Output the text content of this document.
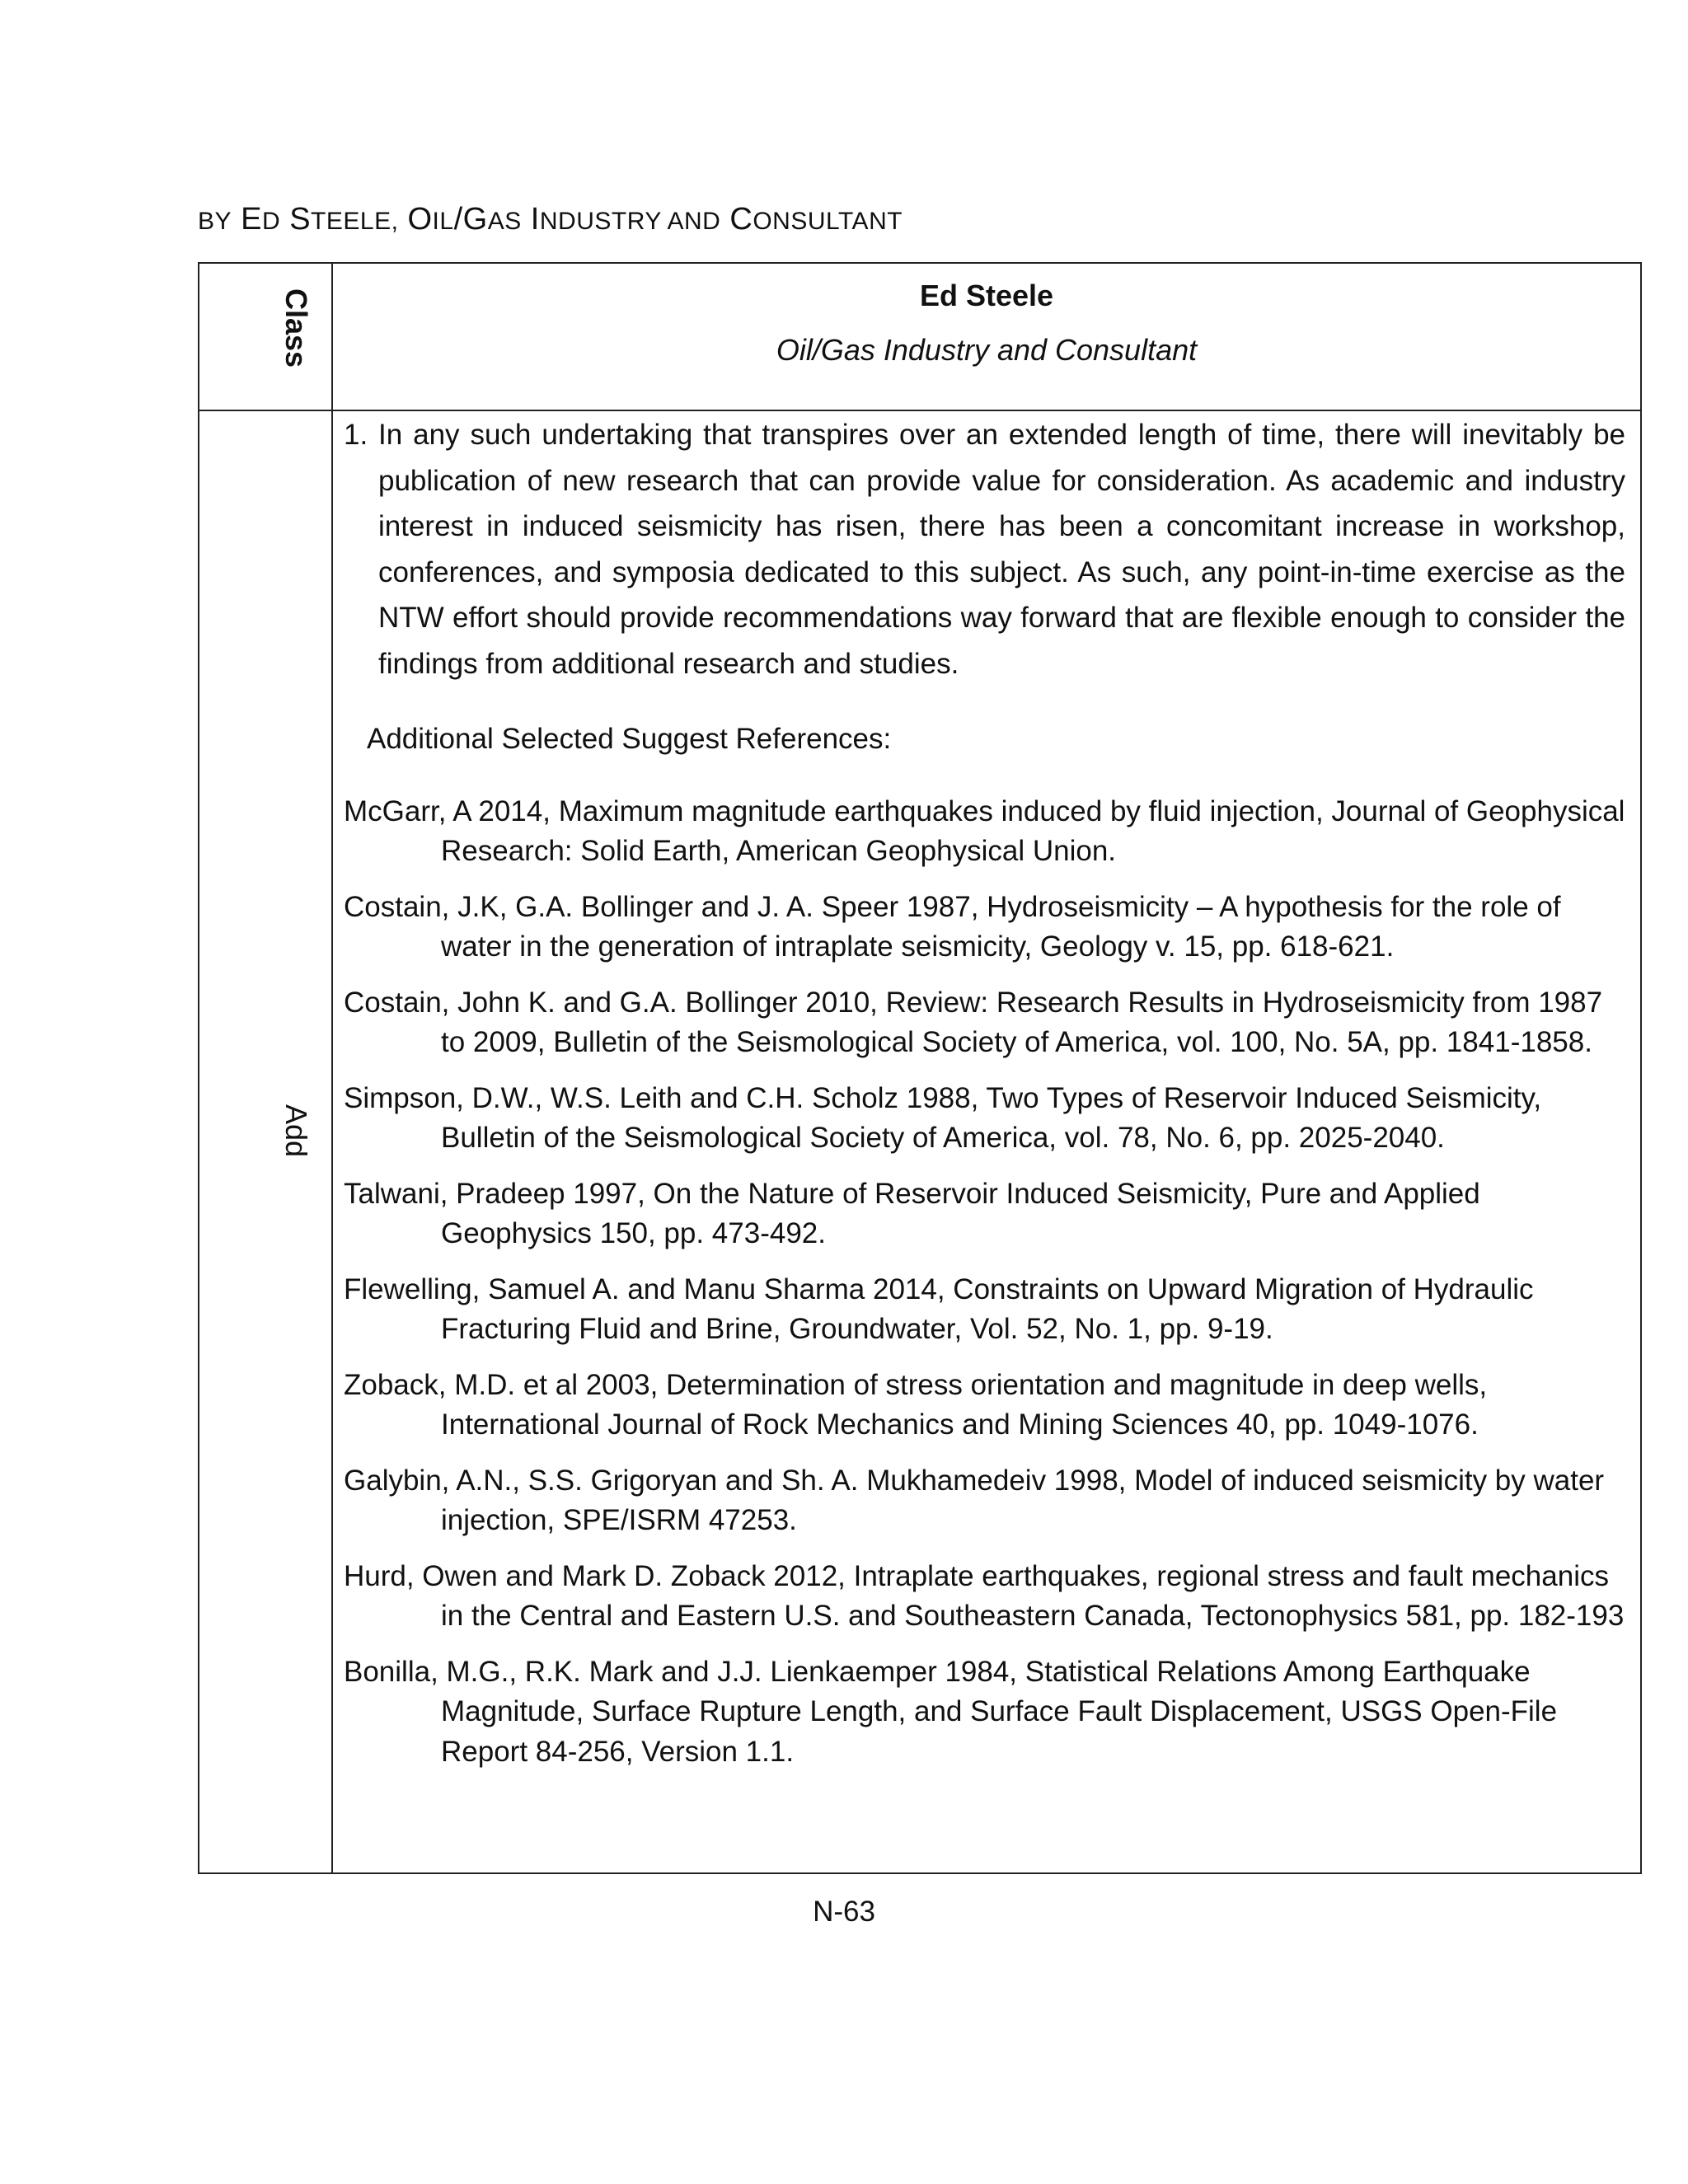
BY ED STEELE, OIL/GAS INDUSTRY AND CONSULTANT
Class	Ed Steele
Oil/Gas Industry and Consultant
Add

1. In any such undertaking that transpires over an extended length of time, there will inevitably be publication of new research that can provide value for consideration. As academic and industry interest in induced seismicity has risen, there has been a concomitant increase in workshop, conferences, and symposia dedicated to this subject. As such, any point-in-time exercise as the NTW effort should provide recommendations way forward that are flexible enough to consider the findings from additional research and studies.

Additional Selected Suggest References:

McGarr, A 2014, Maximum magnitude earthquakes induced by fluid injection, Journal of Geophysical Research: Solid Earth, American Geophysical Union.

Costain, J.K, G.A. Bollinger and J. A. Speer 1987, Hydroseismicity – A hypothesis for the role of water in the generation of intraplate seismicity, Geology v. 15, pp. 618-621.

Costain, John K. and G.A. Bollinger 2010, Review: Research Results in Hydroseismicity from 1987 to 2009, Bulletin of the Seismological Society of America, vol. 100, No. 5A, pp. 1841-1858.

Simpson, D.W., W.S. Leith and C.H. Scholz 1988, Two Types of Reservoir Induced Seismicity, Bulletin of the Seismological Society of America, vol. 78, No. 6, pp. 2025-2040.

Talwani, Pradeep 1997, On the Nature of Reservoir Induced Seismicity, Pure and Applied Geophysics 150, pp. 473-492.

Flewelling, Samuel A. and Manu Sharma 2014, Constraints on Upward Migration of Hydraulic Fracturing Fluid and Brine, Groundwater, Vol. 52, No. 1, pp. 9-19.

Zoback, M.D. et al 2003, Determination of stress orientation and magnitude in deep wells, International Journal of Rock Mechanics and Mining Sciences 40, pp. 1049-1076.

Galybin, A.N., S.S. Grigoryan and Sh. A. Mukhamedeiv 1998, Model of induced seismicity by water injection, SPE/ISRM 47253.

Hurd, Owen and Mark D. Zoback 2012, Intraplate earthquakes, regional stress and fault mechanics in the Central and Eastern U.S. and Southeastern Canada, Tectonophysics 581, pp. 182-193

Bonilla, M.G., R.K. Mark and J.J. Lienkaemper 1984, Statistical Relations Among Earthquake Magnitude, Surface Rupture Length, and Surface Fault Displacement, USGS Open-File Report 84-256, Version 1.1.

N-63
